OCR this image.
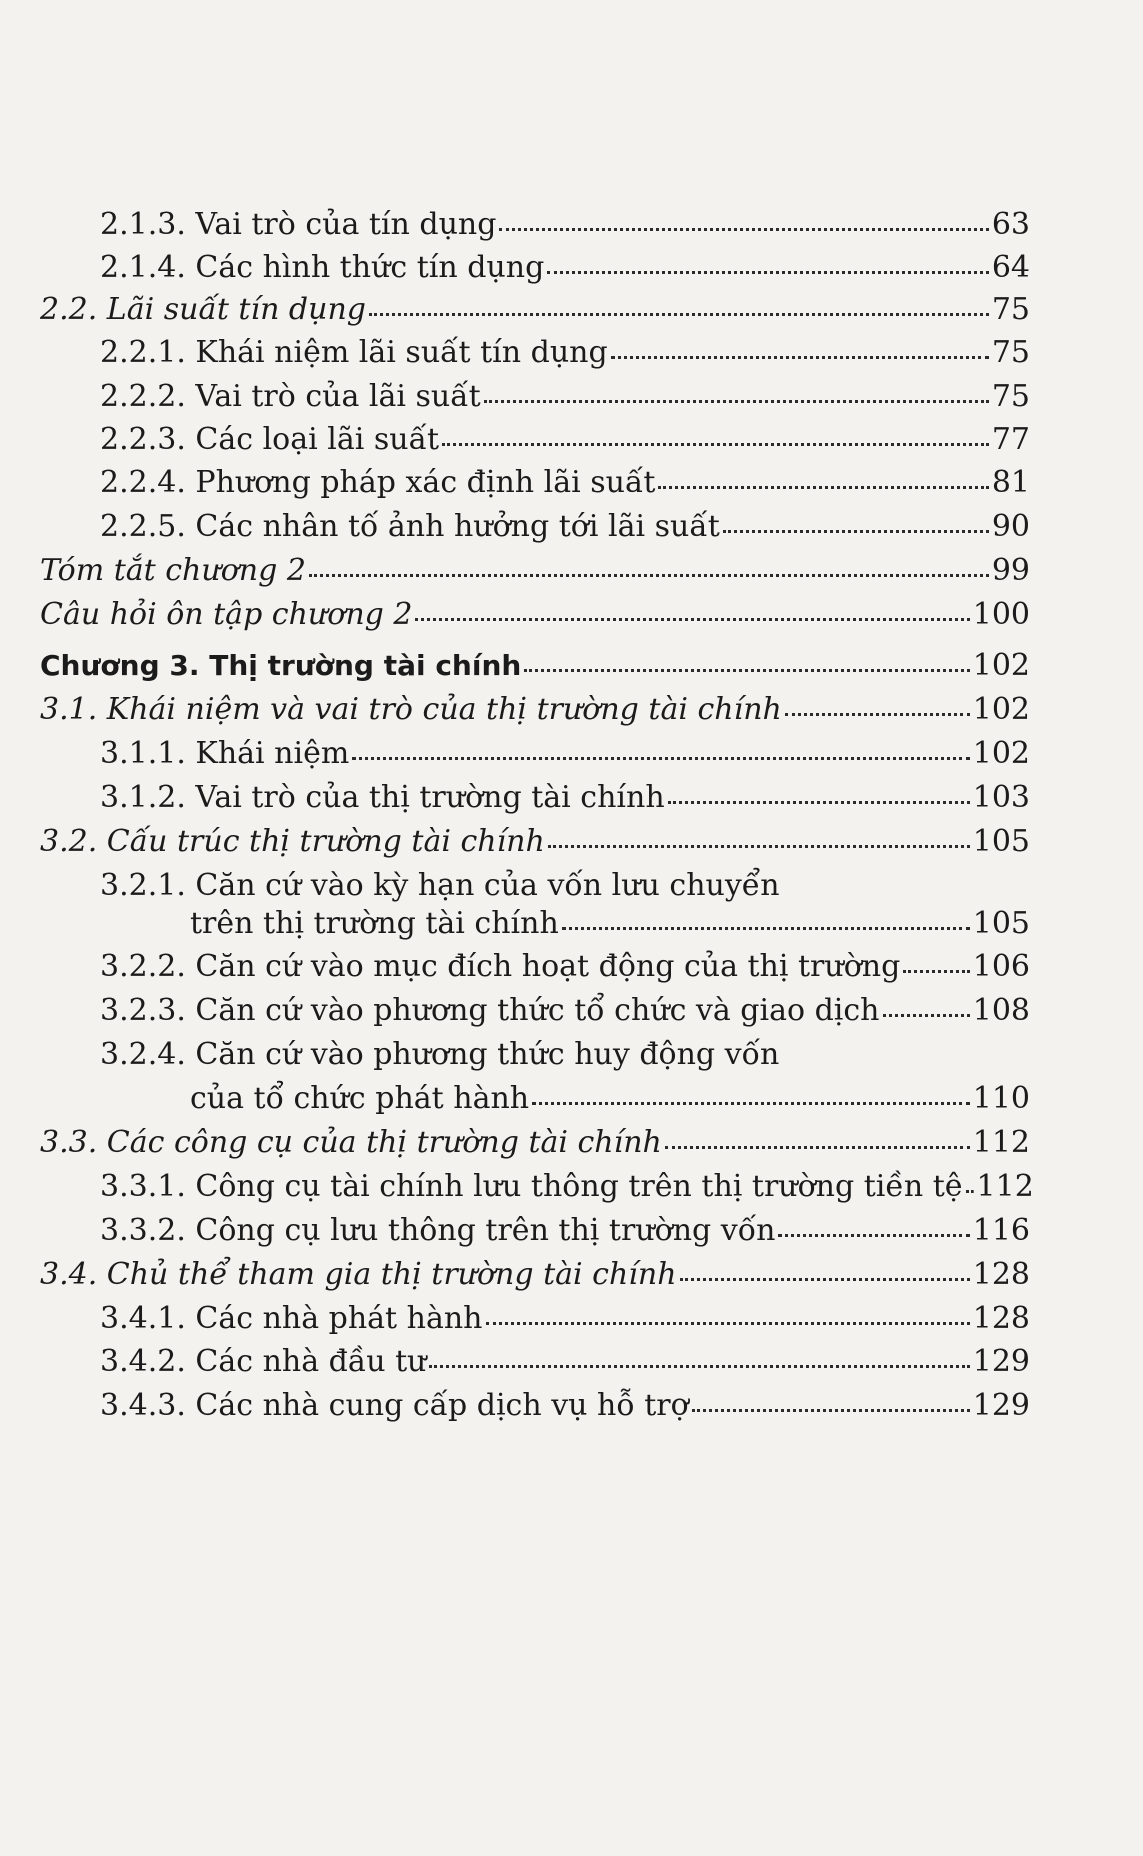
2.1.3. Vai trò của tín dụng	63
2.1.4. Các hình thức tín dụng	64
2.2. Lãi suất tín dụng	75
2.2.1. Khái niệm lãi suất tín dụng	75
2.2.2. Vai trò của lãi suất	75
2.2.3. Các loại lãi suất	77
2.2.4. Phương pháp xác định lãi suất	81
2.2.5. Các nhân tố ảnh hưởng tới lãi suất	90
Tóm tắt chương 2	99
Câu hỏi ôn tập chương 2	100
Chương 3. Thị trường tài chính	102
3.1. Khái niệm và vai trò của thị trường tài chính	102
3.1.1. Khái niệm	102
3.1.2. Vai trò của thị trường tài chính	103
3.2. Cấu trúc thị trường tài chính	105
3.2.1. Căn cứ vào kỳ hạn của vốn lưu chuyển
trên thị trường tài chính	105
3.2.2. Căn cứ vào mục đích hoạt động của thị trường 106
3.2.3. Căn cứ vào phương thức tổ chức và giao dịch	108
3.2.4. Căn cứ vào phương thức huy động vốn
của tổ chức phát hành	110
3.3. Các công cụ của thị trường tài chính	112
3.3.1. Công cụ tài chính lưu thông trên thị trường tiền tệ 112
3.3.2. Công cụ lưu thông trên thị trường vốn	116
3.4. Chủ thể tham gia thị trường tài chính	128
3.4.1. Các nhà phát hành	128
3.4.2. Các nhà đầu tư	129
3.4.3. Các nhà cung cấp dịch vụ hỗ trợ	129
